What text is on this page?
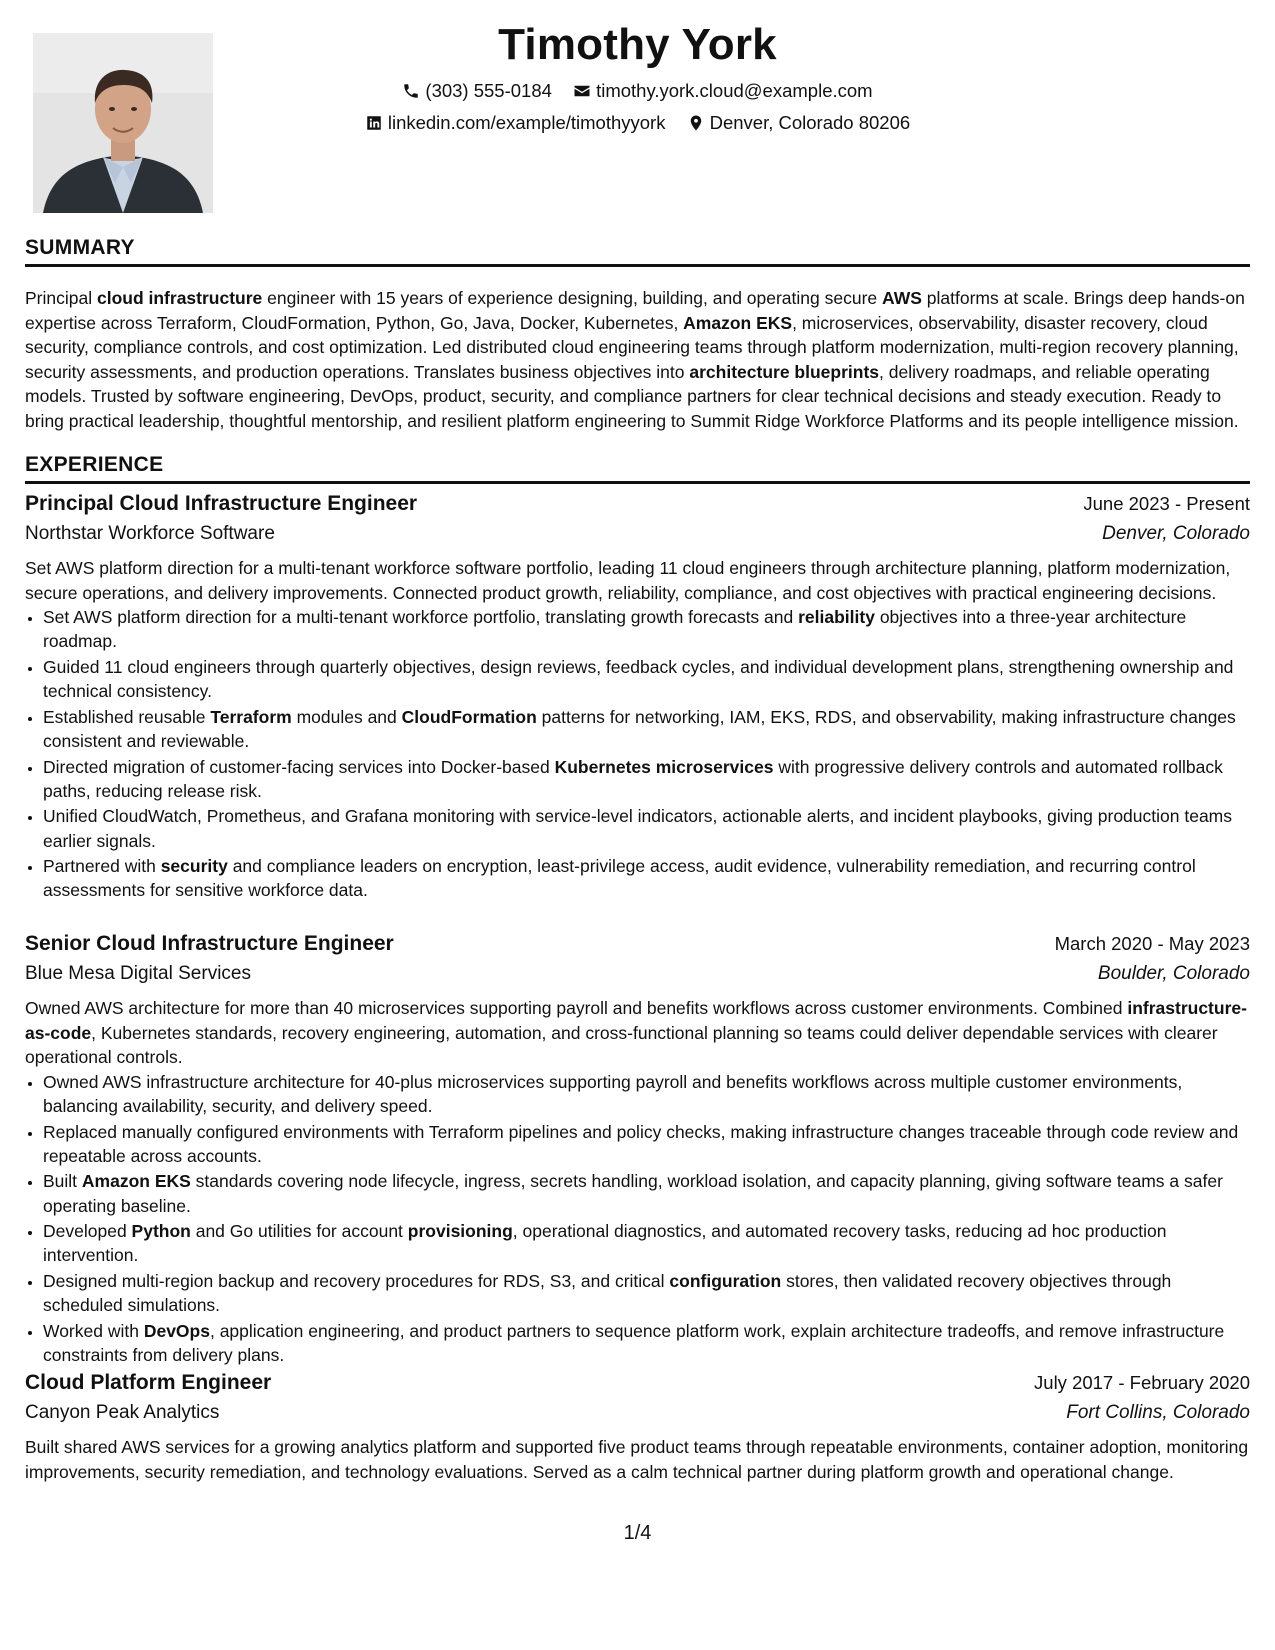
Timothy York
(303) 555-0184
timothy.york.cloud@example.com
linkedin.com/example/timothyyork
Denver, Colorado 80206
SUMMARY

Principal cloud infrastructure engineer with 15 years of experience designing, building, and operating secure AWS platforms at scale. Brings deep hands-on expertise across Terraform, CloudFormation, Python, Go, Java, Docker, Kubernetes, Amazon EKS, microservices, observability, disaster recovery, cloud security, compliance controls, and cost optimization. Led distributed cloud engineering teams through platform modernization, multi-region recovery planning, security assessments, and production operations. Translates business objectives into architecture blueprints, delivery roadmaps, and reliable operating models. Trusted by software engineering, DevOps, product, security, and compliance partners for clear technical decisions and steady execution. Ready to bring practical leadership, thoughtful mentorship, and resilient platform engineering to Summit Ridge Workforce Platforms and its people intelligence mission.

EXPERIENCE
Principal Cloud Infrastructure Engineer	June 2023 - Present
Northstar Workforce Software	Denver, Colorado

Set AWS platform direction for a multi-tenant workforce software portfolio, leading 11 cloud engineers through architecture planning, platform modernization, secure operations, and delivery improvements. Connected product growth, reliability, compliance, and cost objectives with practical engineering decisions.

• Set AWS platform direction for a multi-tenant workforce portfolio, translating growth forecasts and reliability objectives into a three-year architecture roadmap.
• Guided 11 cloud engineers through quarterly objectives, design reviews, feedback cycles, and individual development plans, strengthening ownership and technical consistency.
• Established reusable Terraform modules and CloudFormation patterns for networking, IAM, EKS, RDS, and observability, making infrastructure changes consistent and reviewable.
• Directed migration of customer-facing services into Docker-based Kubernetes microservices with progressive delivery controls and automated rollback paths, reducing release risk.
• Unified CloudWatch, Prometheus, and Grafana monitoring with service-level indicators, actionable alerts, and incident playbooks, giving production teams earlier signals.
• Partnered with security and compliance leaders on encryption, least-privilege access, audit evidence, vulnerability remediation, and recurring control assessments for sensitive workforce data.
Senior Cloud Infrastructure Engineer	March 2020 - May 2023
Blue Mesa Digital Services	Boulder, Colorado

Owned AWS architecture for more than 40 microservices supporting payroll and benefits workflows across customer environments. Combined infrastructure-as-code, Kubernetes standards, recovery engineering, automation, and cross-functional planning so teams could deliver dependable services with clearer operational controls.

• Owned AWS infrastructure architecture for 40-plus microservices supporting payroll and benefits workflows across multiple customer environments, balancing availability, security, and delivery speed.
• Replaced manually configured environments with Terraform pipelines and policy checks, making infrastructure changes traceable through code review and repeatable across accounts.
• Built Amazon EKS standards covering node lifecycle, ingress, secrets handling, workload isolation, and capacity planning, giving software teams a safer operating baseline.
• Developed Python and Go utilities for account provisioning, operational diagnostics, and automated recovery tasks, reducing ad hoc production intervention.
• Designed multi-region backup and recovery procedures for RDS, S3, and critical configuration stores, then validated recovery objectives through scheduled simulations.
• Worked with DevOps, application engineering, and product partners to sequence platform work, explain architecture tradeoffs, and remove infrastructure constraints from delivery plans.
Cloud Platform Engineer	July 2017 - February 2020
Canyon Peak Analytics	Fort Collins, Colorado

Built shared AWS services for a growing analytics platform and supported five product teams through repeatable environments, container adoption, monitoring improvements, security remediation, and technology evaluations. Served as a calm technical partner during platform growth and operational change.

1/4
